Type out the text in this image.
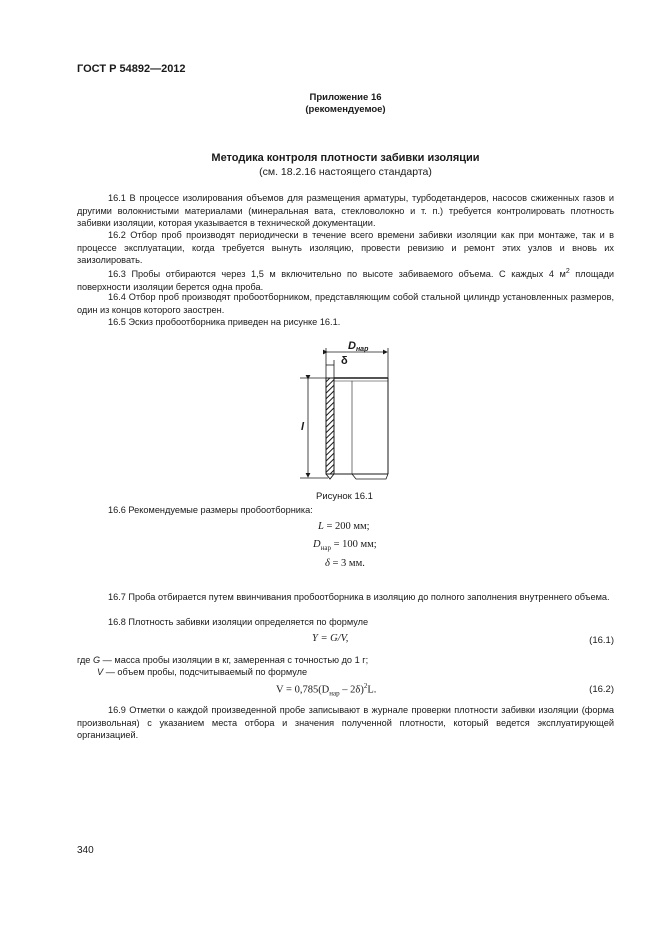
ГОСТ Р 54892—2012
Приложение 16
(рекомендуемое)
Методика контроля плотности забивки изоляции
(см. 18.2.16 настоящего стандарта)
16.1 В процессе изолирования объемов для размещения арматуры, турбодетандеров, насосов сжиженных газов и другими волокнистыми материалами (минеральная вата, стекловолокно и т. п.) требуется контролировать плотность забивки изоляции, которая указывается в технической документации.
16.2 Отбор проб производят периодически в течение всего времени забивки изоляции как при монтаже, так и в процессе эксплуатации, когда требуется вынуть изоляцию, провести ревизию и ремонт этих узлов и вновь их заизолировать.
16.3 Пробы отбираются через 1,5 м включительно по высоте забиваемого объема. С каждых 4 $м^2$ площади поверхности изоляции берется одна проба.
16.4 Отбор проб производят пробоотборником, представляющим собой стальной цилиндр установленных размеров, один из концов которого заострен.
16.5 Эскиз пробоотборника приведен на рисунке 16.1.
Dнар
δ
l
Рисунок 16.1
16.6 Рекомендуемые размеры пробоотборника:
L = 200 мм;
$D_{нар} = 100$ мм;
δ = 3 мм.
16.7 Проба отбирается путем ввинчивания пробоотборника в изоляцию до полного заполнения внутреннего объема.
16.8 Плотность забивки изоляции определяется по формуле
Y = G/V,	(16.1)
где G — масса пробы изоляции в кг, замеренная с точностью до 1 г;
V — объем пробы, подсчитываемый по формуле
$V = 0,785(D_{нар} - 2\delta)^2L$.	(16.2)
16.9 Отметки о каждой произведенной пробе записывают в журнале проверки плотности забивки изоляции (форма произвольная) с указанием места отбора и значения полученной плотности, который ведется эксплуатирующей организацией.
340
